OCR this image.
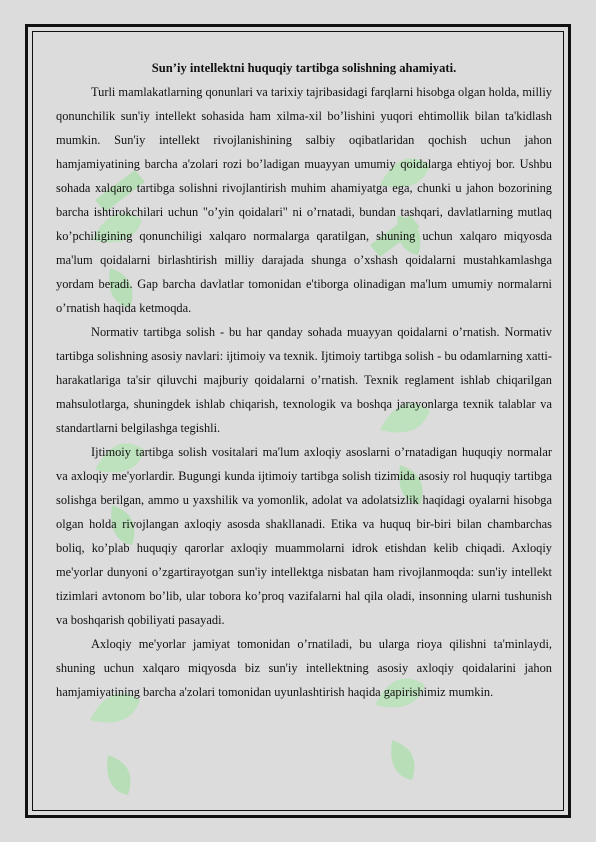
Sun’iy intellektni huquqiy tartibga solishning ahamiyati.

Turli mamlakatlarning qonunlari va tarixiy tajribasidagi farqlarni hisobga olgan holda, milliy qonunchilik sun'iy intellekt sohasida ham xilma-xil bo’lishini yuqori ehtimollik bilan ta'kidlash mumkin. Sun'iy intellekt rivojlanishining salbiy oqibatlaridan qochish uchun jahon hamjamiyatining barcha a'zolari rozi bo’ladigan muayyan umumiy qoidalarga ehtiyoj bor. Ushbu sohada xalqaro tartibga solishni rivojlantirish muhim ahamiyatga ega, chunki u jahon bozorining barcha ishtirokchilari uchun "o’yin qoidalari" ni o’rnatadi, bundan tashqari, davlatlarning mutlaq ko’pchiligining qonunchiligi xalqaro normalarga qaratilgan, shuning uchun xalqaro miqyosda ma'lum qoidalarni birlashtirish milliy darajada shunga o’xshash qoidalarni mustahkamlashga yordam beradi. Gap barcha davlatlar tomonidan e'tiborga olinadigan ma'lum umumiy normalarni o’rnatish haqida ketmoqda.

Normativ tartibga solish - bu har qanday sohada muayyan qoidalarni o’rnatish. Normativ tartibga solishning asosiy navlari: ijtimoiy va texnik. Ijtimoiy tartibga solish - bu odamlarning xatti-harakatlariga ta'sir qiluvchi majburiy qoidalarni o’rnatish. Texnik reglament ishlab chiqarilgan mahsulotlarga, shuningdek ishlab chiqarish, texnologik va boshqa jarayonlarga texnik talablar va standartlarni belgilashga tegishli.

Ijtimoiy tartibga solish vositalari ma'lum axloqiy asoslarni o’rnatadigan huquqiy normalar va axloqiy me'yorlardir. Bugungi kunda ijtimoiy tartibga solish tizimida asosiy rol huquqiy tartibga solishga berilgan, ammo u yaxshilik va yomonlik, adolat va adolatsizlik haqidagi oyalarni hisobga olgan holda rivojlangan axloqiy asosda shakllanadi. Etika va huquq bir-biri bilan chambarchas boliq, ko’plab huquqiy qarorlar axloqiy muammolarni idrok etishdan kelib chiqadi. Axloqiy me'yorlar dunyoni o’zgartirayotgan sun'iy intellektga nisbatan ham rivojlanmoqda: sun'iy intellekt tizimlari avtonom bo’lib, ular tobora ko’proq vazifalarni hal qila oladi, insonning ularni tushunish va boshqarish qobiliyati pasayadi.

Axloqiy me'yorlar jamiyat tomonidan o’rnatiladi, bu ularga rioya qilishni ta'minlaydi, shuning uchun xalqaro miqyosda biz sun'iy intellektning asosiy axloqiy qoidalarini jahon hamjamiyatining barcha a'zolari tomonidan uyunlashtirish haqida gapirishimiz mumkin.
